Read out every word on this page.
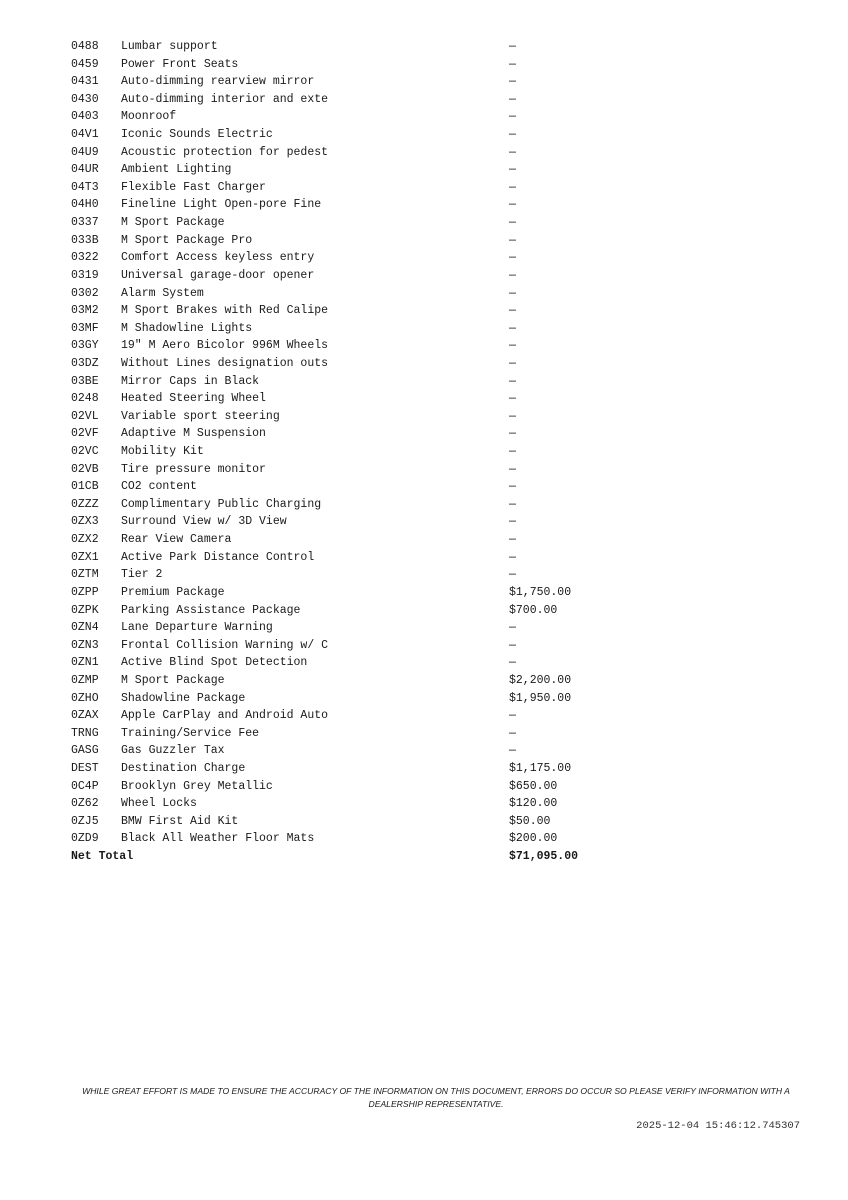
0488	Lumbar support	—
0459	Power Front Seats	—
0431	Auto-dimming rearview mirror	—
0430	Auto-dimming interior and exte	—
0403	Moonroof	—
04V1	Iconic Sounds Electric	—
04U9	Acoustic protection for pedest	—
04UR	Ambient Lighting	—
04T3	Flexible Fast Charger	—
04H0	Fineline Light Open-pore Fine	—
0337	M Sport Package	—
033B	M Sport Package Pro	—
0322	Comfort Access keyless entry	—
0319	Universal garage-door opener	—
0302	Alarm System	—
03M2	M Sport Brakes with Red Calipe	—
03MF	M Shadowline Lights	—
03GY	19" M Aero Bicolor 996M Wheels	—
03DZ	Without Lines designation outs	—
03BE	Mirror Caps in Black	—
0248	Heated Steering Wheel	—
02VL	Variable sport steering	—
02VF	Adaptive M Suspension	—
02VC	Mobility Kit	—
02VB	Tire pressure monitor	—
01CB	CO2 content	—
0ZZZ	Complimentary Public Charging	—
0ZX3	Surround View w/ 3D View	—
0ZX2	Rear View Camera	—
0ZX1	Active Park Distance Control	—
0ZTM	Tier 2	—
0ZPP	Premium Package	$1,750.00
0ZPK	Parking Assistance Package	$700.00
0ZN4	Lane Departure Warning	—
0ZN3	Frontal Collision Warning w/ C	—
0ZN1	Active Blind Spot Detection	—
0ZMP	M Sport Package	$2,200.00
0ZHO	Shadowline Package	$1,950.00
0ZAX	Apple CarPlay and Android Auto	—
TRNG	Training/Service Fee	—
GASG	Gas Guzzler Tax	—
DEST	Destination Charge	$1,175.00
0C4P	Brooklyn Grey Metallic	$650.00
0Z62	Wheel Locks	$120.00
0ZJ5	BMW First Aid Kit	$50.00
0ZD9	Black All Weather Floor Mats	$200.00
Net Total	$71,095.00
WHILE GREAT EFFORT IS MADE TO ENSURE THE ACCURACY OF THE INFORMATION ON THIS DOCUMENT, ERRORS DO OCCUR SO PLEASE VERIFY INFORMATION WITH A DEALERSHIP REPRESENTATIVE.
2025-12-04 15:46:12.745307
